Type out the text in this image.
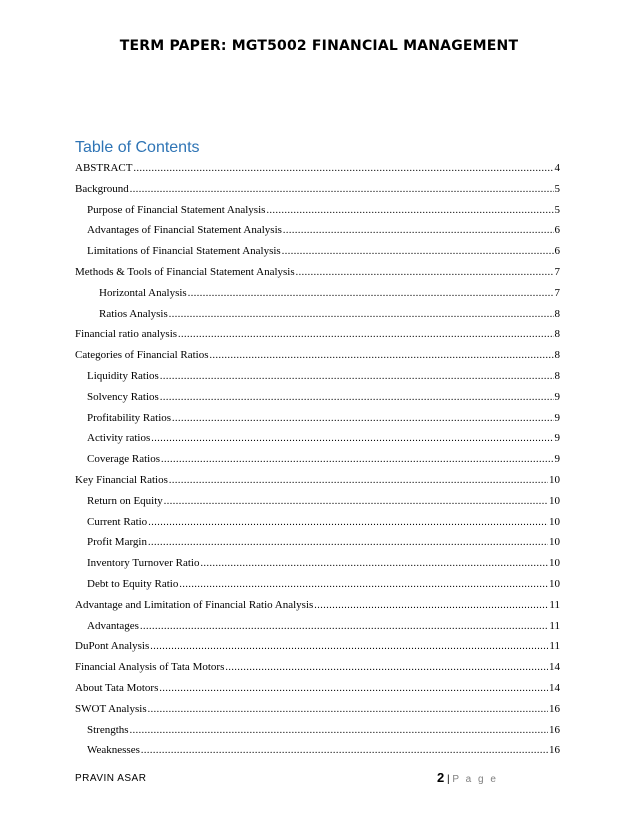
TERM PAPER: MGT5002 FINANCIAL MANAGEMENT
Table of Contents
ABSTRACT .....	4
Background .....	5
Purpose of Financial Statement Analysis .....	5
Advantages of Financial Statement Analysis .....	6
Limitations of Financial Statement Analysis .....	6
Methods & Tools of Financial Statement Analysis .....	7
Horizontal Analysis .....	7
Ratios Analysis .....	8
Financial ratio analysis .....	8
Categories of Financial Ratios .....	8
Liquidity Ratios .....	8
Solvency Ratios .....	9
Profitability Ratios .....	9
Activity ratios .....	9
Coverage Ratios .....	9
Key Financial Ratios .....	10
Return on Equity .....	10
Current Ratio .....	10
Profit Margin .....	10
Inventory Turnover Ratio .....	10
Debt to Equity Ratio .....	10
Advantage and Limitation of Financial Ratio Analysis .....	11
Advantages .....	11
DuPont Analysis .....	11
Financial Analysis of Tata Motors .....	14
About Tata Motors .....	14
SWOT Analysis .....	16
Strengths .....	16
Weaknesses .....	16
PRAVIN ASAR	2 | P a g e
